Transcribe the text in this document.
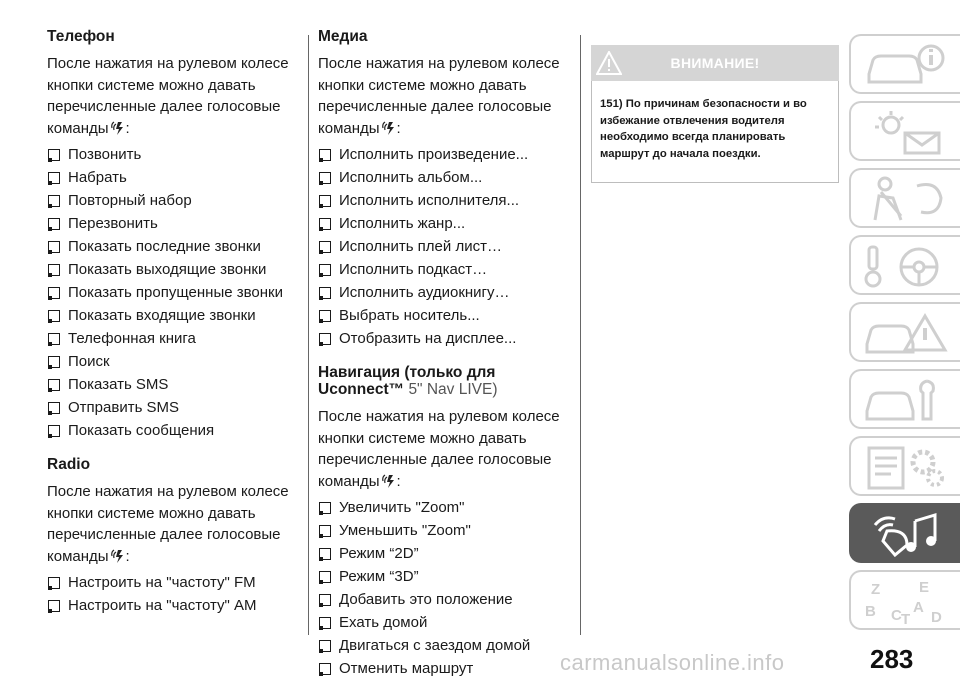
Телефон

После нажатия на рулевом колесе кнопки системе можно давать перечисленные далее голосовые команды :

Позвонить
Набрать
Повторный набор
Перезвонить
Показать последние звонки
Показать выходящие звонки
Показать пропущенные звонки
Показать входящие звонки
Телефонная книга
Поиск
Показать SMS
Отправить SMS
Показать сообщения
Radio

После нажатия на рулевом колесе кнопки системе можно давать перечисленные далее голосовые команды :

Настроить на "частоту" FM
Настроить на "частоту" AM
Медиа

После нажатия на рулевом колесе кнопки системе можно давать перечисленные далее голосовые команды :

Исполнить произведение...
Исполнить альбом...
Исполнить исполнителя...
Исполнить жанр...
Исполнить плей лист…
Исполнить подкаст…
Исполнить аудиокнигу…
Выбрать носитель...
Отобразить на дисплее...
Навигация (только для
Uconnect™ 5" Nav LIVE)

После нажатия на рулевом колесе кнопки системе можно давать перечисленные далее голосовые команды :

Увеличить "Zoom"
Уменьшить "Zoom"
Режим “2D”
Режим “3D”
Добавить это положение
Ехать домой
Двигаться с заездом домой
Отменить маршрут
ВНИМАНИЕ!
151) По причинам безопасности и во избежание отвлечения водителя необходимо всегда планировать маршрут до начала поездки.
Z	E
B C A
D
T
carmanualsonline.info	283
